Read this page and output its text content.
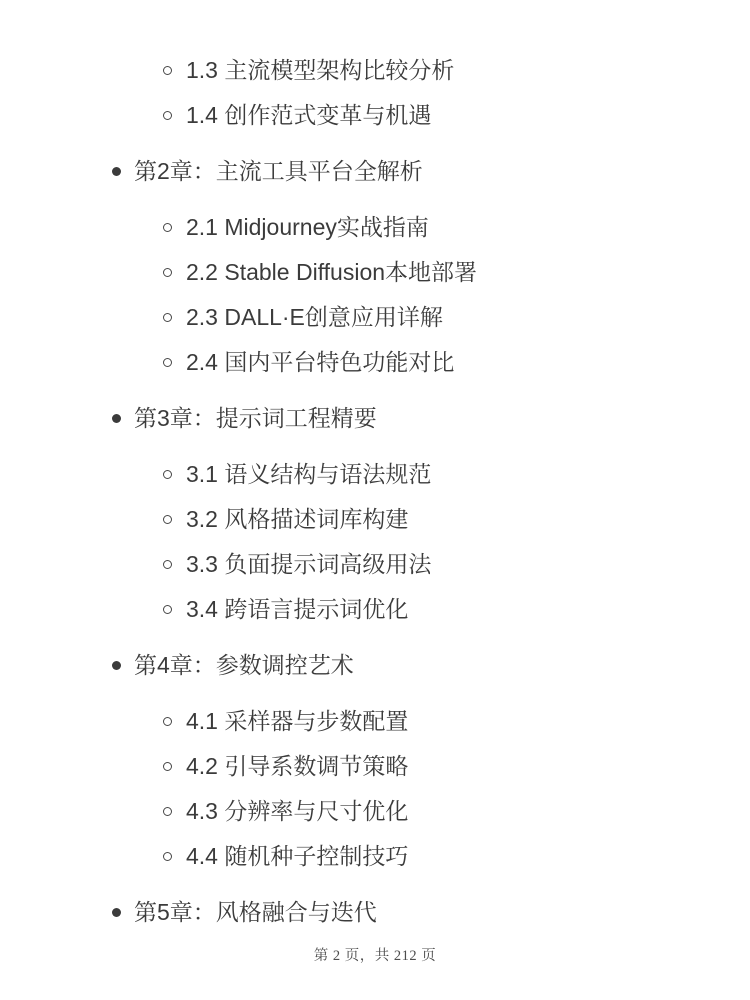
1.3 主流模型架构比较分析
1.4 创作范式变革与机遇
第2章：主流工具平台全解析
2.1 Midjourney实战指南
2.2 Stable Diffusion本地部署
2.3 DALL·E创意应用详解
2.4 国内平台特色功能对比
第3章：提示词工程精要
3.1 语义结构与语法规范
3.2 风格描述词库构建
3.3 负面提示词高级用法
3.4 跨语言提示词优化
第4章：参数调控艺术
4.1 采样器与步数配置
4.2 引导系数调节策略
4.3 分辨率与尺寸优化
4.4 随机种子控制技巧
第5章：风格融合与迭代
第 2 页，共 212 页
